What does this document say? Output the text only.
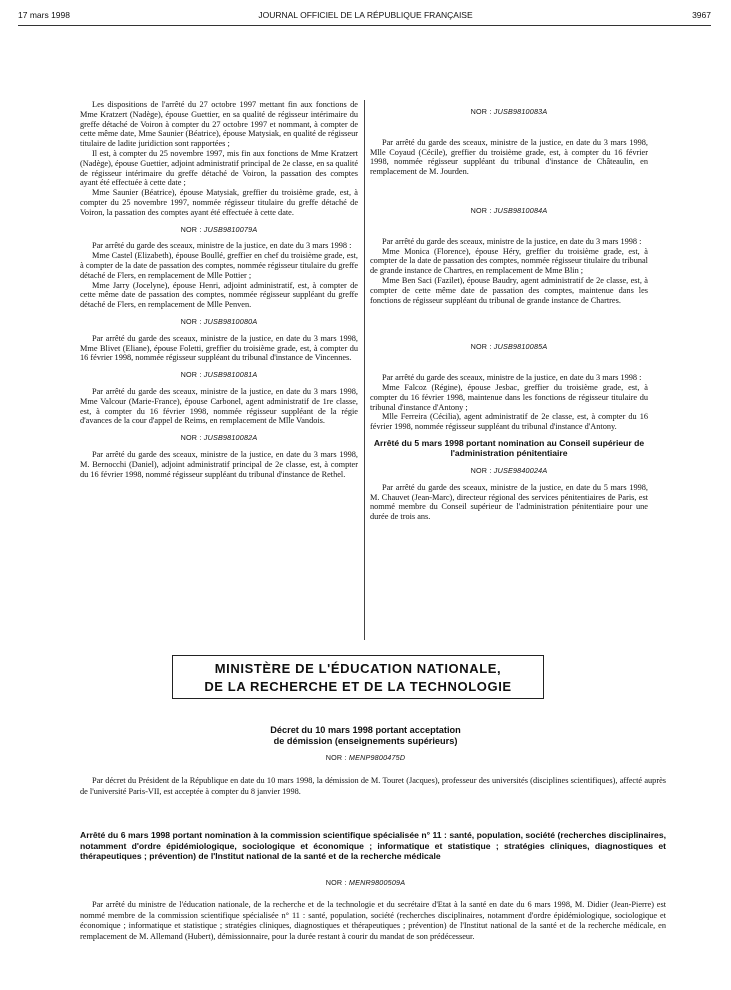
17 mars 1998	JOURNAL OFFICIEL DE LA RÉPUBLIQUE FRANÇAISE	3967

Les dispositions de l'arrêté du 27 octobre 1997 mettant fin aux fonctions de Mme Kratzert (Nadège), épouse Guettier, en sa qualité de régisseur intérimaire du greffe détaché de Voiron à compter du 27 octobre 1997 et nommant, à compter de cette même date, Mme Saunier (Béatrice), épouse Matysiak, en qualité de régisseur titulaire de ladite juridiction sont rapportées ;

Il est, à compter du 25 novembre 1997, mis fin aux fonctions de Mme Kratzert (Nadège), épouse Guettier, adjoint administratif principal de 2e classe, en sa qualité de régisseur intérimaire du greffe détaché de Voiron, la passation des comptes ayant été effectuée à cette date ;

Mme Saunier (Béatrice), épouse Matysiak, greffier du troisième grade, est, à compter du 25 novembre 1997, nommée régisseur titulaire du greffe détaché de Voiron, la passation des comptes ayant été effectuée à cette date.

NOR : JUSB9810079A

Par arrêté du garde des sceaux, ministre de la justice, en date du 3 mars 1998 :

Mme Castel (Elizabeth), épouse Boullé, greffier en chef du troisième grade, est, à compter de la date de passation des comptes, nommée régisseur titulaire du greffe détaché de Flers, en remplacement de Mlle Pottier ;

Mme Jarry (Jocelyne), épouse Henri, adjoint administratif, est, à compter de cette même date de passation des comptes, nommée régisseur suppléant du greffe détaché de Flers, en remplacement de Mlle Penven.

NOR : JUSB9810080A

Par arrêté du garde des sceaux, ministre de la justice, en date du 3 mars 1998, Mme Blivet (Eliane), épouse Foletti, greffier du troisième grade, est, à compter du 16 février 1998, nommée régisseur suppléant du tribunal d'instance de Vincennes.

NOR : JUSB9810081A

Par arrêté du garde des sceaux, ministre de la justice, en date du 3 mars 1998, Mme Valcour (Marie-France), épouse Carbonel, agent administratif de 1re classe, est, à compter du 16 février 1998, nommée régisseur suppléant de la régie d'avances de la cour d'appel de Reims, en remplacement de Mlle Vandois.

NOR : JUSB9810082A

Par arrêté du garde des sceaux, ministre de la justice, en date du 3 mars 1998, M. Bernocchi (Daniel), adjoint administratif principal de 2e classe, est, à compter du 16 février 1998, nommé régisseur suppléant du tribunal d'instance de Rethel.

NOR : JUSB9810083A

Par arrêté du garde des sceaux, ministre de la justice, en date du 3 mars 1998, Mlle Coyaud (Cécile), greffier du troisième grade, est, à compter du 16 février 1998, nommée régisseur suppléant du tribunal d'instance de Châteaulin, en remplacement de M. Jourden.

NOR : JUSB9810084A

Par arrêté du garde des sceaux, ministre de la justice, en date du 3 mars 1998 :

Mme Monica (Florence), épouse Héry, greffier du troisième grade, est, à compter de la date de passation des comptes, nommée régisseur titulaire du tribunal de grande instance de Chartres, en remplacement de Mme Blin ;

Mme Ben Saci (Fazilet), épouse Baudry, agent administratif de 2e classe, est, à compter de cette même date de passation des comptes, maintenue dans les fonctions de régisseur suppléant du tribunal de grande instance de Chartres.

NOR : JUSB9810085A

Par arrêté du garde des sceaux, ministre de la justice, en date du 3 mars 1998 :

Mme Falcoz (Régine), épouse Jesbac, greffier du troisième grade, est, à compter du 16 février 1998, maintenue dans les fonctions de régisseur titulaire du tribunal d'instance d'Antony ;

Mlle Ferreira (Cécilia), agent administratif de 2e classe, est, à compter du 16 février 1998, nommée régisseur suppléant du tribunal d'instance d'Antony.

Arrêté du 5 mars 1998 portant nomination au Conseil supérieur de l'administration pénitentiaire

NOR : JUSE9840024A

Par arrêté du garde des sceaux, ministre de la justice, en date du 5 mars 1998, M. Chauvet (Jean-Marc), directeur régional des services pénitentiaires de Paris, est nommé membre du Conseil supérieur de l'administration pénitentiaire pour une durée de trois ans.

MINISTÈRE DE L'ÉDUCATION NATIONALE,
DE LA RECHERCHE ET DE LA TECHNOLOGIE
Décret du 10 mars 1998 portant acceptation
de démission (enseignements supérieurs)

NOR : MENP9800475D

Par décret du Président de la République en date du 10 mars 1998, la démission de M. Touret (Jacques), professeur des universités (disciplines scientifiques), affecté auprès de l'université Paris-VII, est acceptée à compter du 8 janvier 1998.
Arrêté du 6 mars 1998 portant nomination à la commission scientifique spécialisée n° 11 : santé, population, société (recherches disciplinaires, notamment d'ordre épidémiologique, sociologique et économique ; informatique et statistique ; stratégies cliniques, diagnostiques et thérapeutiques ; prévention) de l'Institut national de la santé et de la recherche médicale

NOR : MENR9800509A

Par arrêté du ministre de l'éducation nationale, de la recherche et de la technologie et du secrétaire d'Etat à la santé en date du 6 mars 1998, M. Didier (Jean-Pierre) est nommé membre de la commission scientifique spécialisée n° 11 : santé, population, société (recherches disciplinaires, notamment d'ordre épidémiologique, sociologique et économique ; informatique et statistique ; stratégies cliniques, diagnostiques et thérapeutiques ; prévention) de l'Institut national de la santé et de la recherche médicale, en remplacement de M. Allemand (Hubert), démissionnaire, pour la durée restant à courir du mandat de son prédécesseur.
